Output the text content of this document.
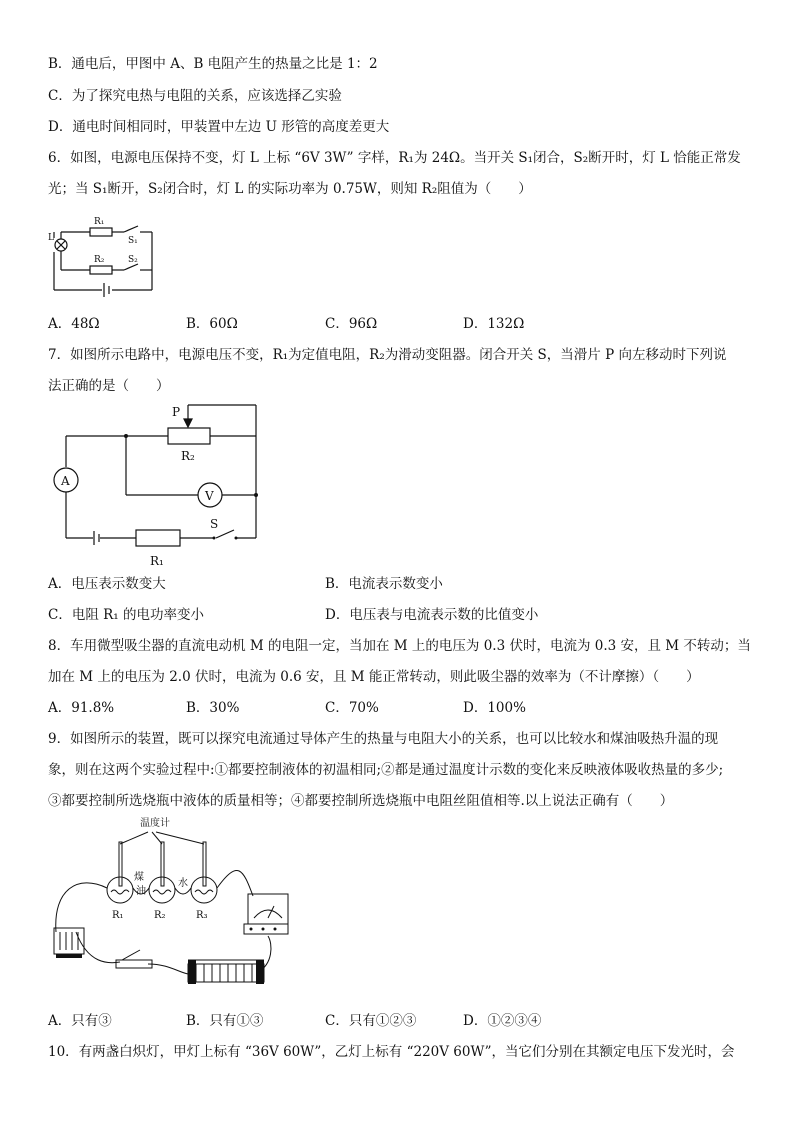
B．通电后，甲图中 A、B 电阻产生的热量之比是 1：2
C．为了探究电热与电阻的关系，应该选择乙实验
D．通电时间相同时，甲装置中左边 U 形管的高度差更大
6．如图，电源电压保持不变，灯 L 上标 “6V 3W” 字样，R₁为 24Ω。当开关 S₁闭合，S₂断开时，灯 L 恰能正常发
光；当 S₁断开，S₂闭合时，灯 L 的实际功率为 0.75W，则知 R₂阻值为（　　）
L
R₁
S₁
R₂	S₂
A．48Ω	B．60Ω	C．96Ω	D．132Ω
7．如图所示电路中，电源电压不变，R₁为定值电阻，R₂为滑动变阻器。闭合开关 S，当滑片 P 向左移动时下列说
法正确的是（　　）
P
R₂
A
V
S
R₁
A．电压表示数变大	B．电流表示数变小
C．电阻 R₁ 的电功率变小	D．电压表与电流表示数的比值变小
8．车用微型吸尘器的直流电动机 M 的电阻一定，当加在 M 上的电压为 0.3 伏时，电流为 0.3 安，且 M 不转动；当
加在 M 上的电压为 2.0 伏时，电流为 0.6 安，且 M 能正常转动，则此吸尘器的效率为（不计摩擦）（　　）
A．91.8%	B．30%	C．70%	D．100%
9．如图所示的装置，既可以探究电流通过导体产生的热量与电阻大小的关系，也可以比较水和煤油吸热升温的现
象，则在这两个实验过程中:①都要控制液体的初温相同;②都是通过温度计示数的变化来反映液体吸收热量的多少;
③都要控制所选烧瓶中液体的质量相等；④都要控制所选烧瓶中电阻丝阻值相等.以上说法正确有（　　）
温度计
煤
油
水
R₁	R₂	R₃
A．只有③	B．只有①③	C．只有①②③	D．①②③④
10．有两盏白炽灯，甲灯上标有 “36V 60W”，乙灯上标有 “220V 60W”，当它们分别在其额定电压下发光时，会
